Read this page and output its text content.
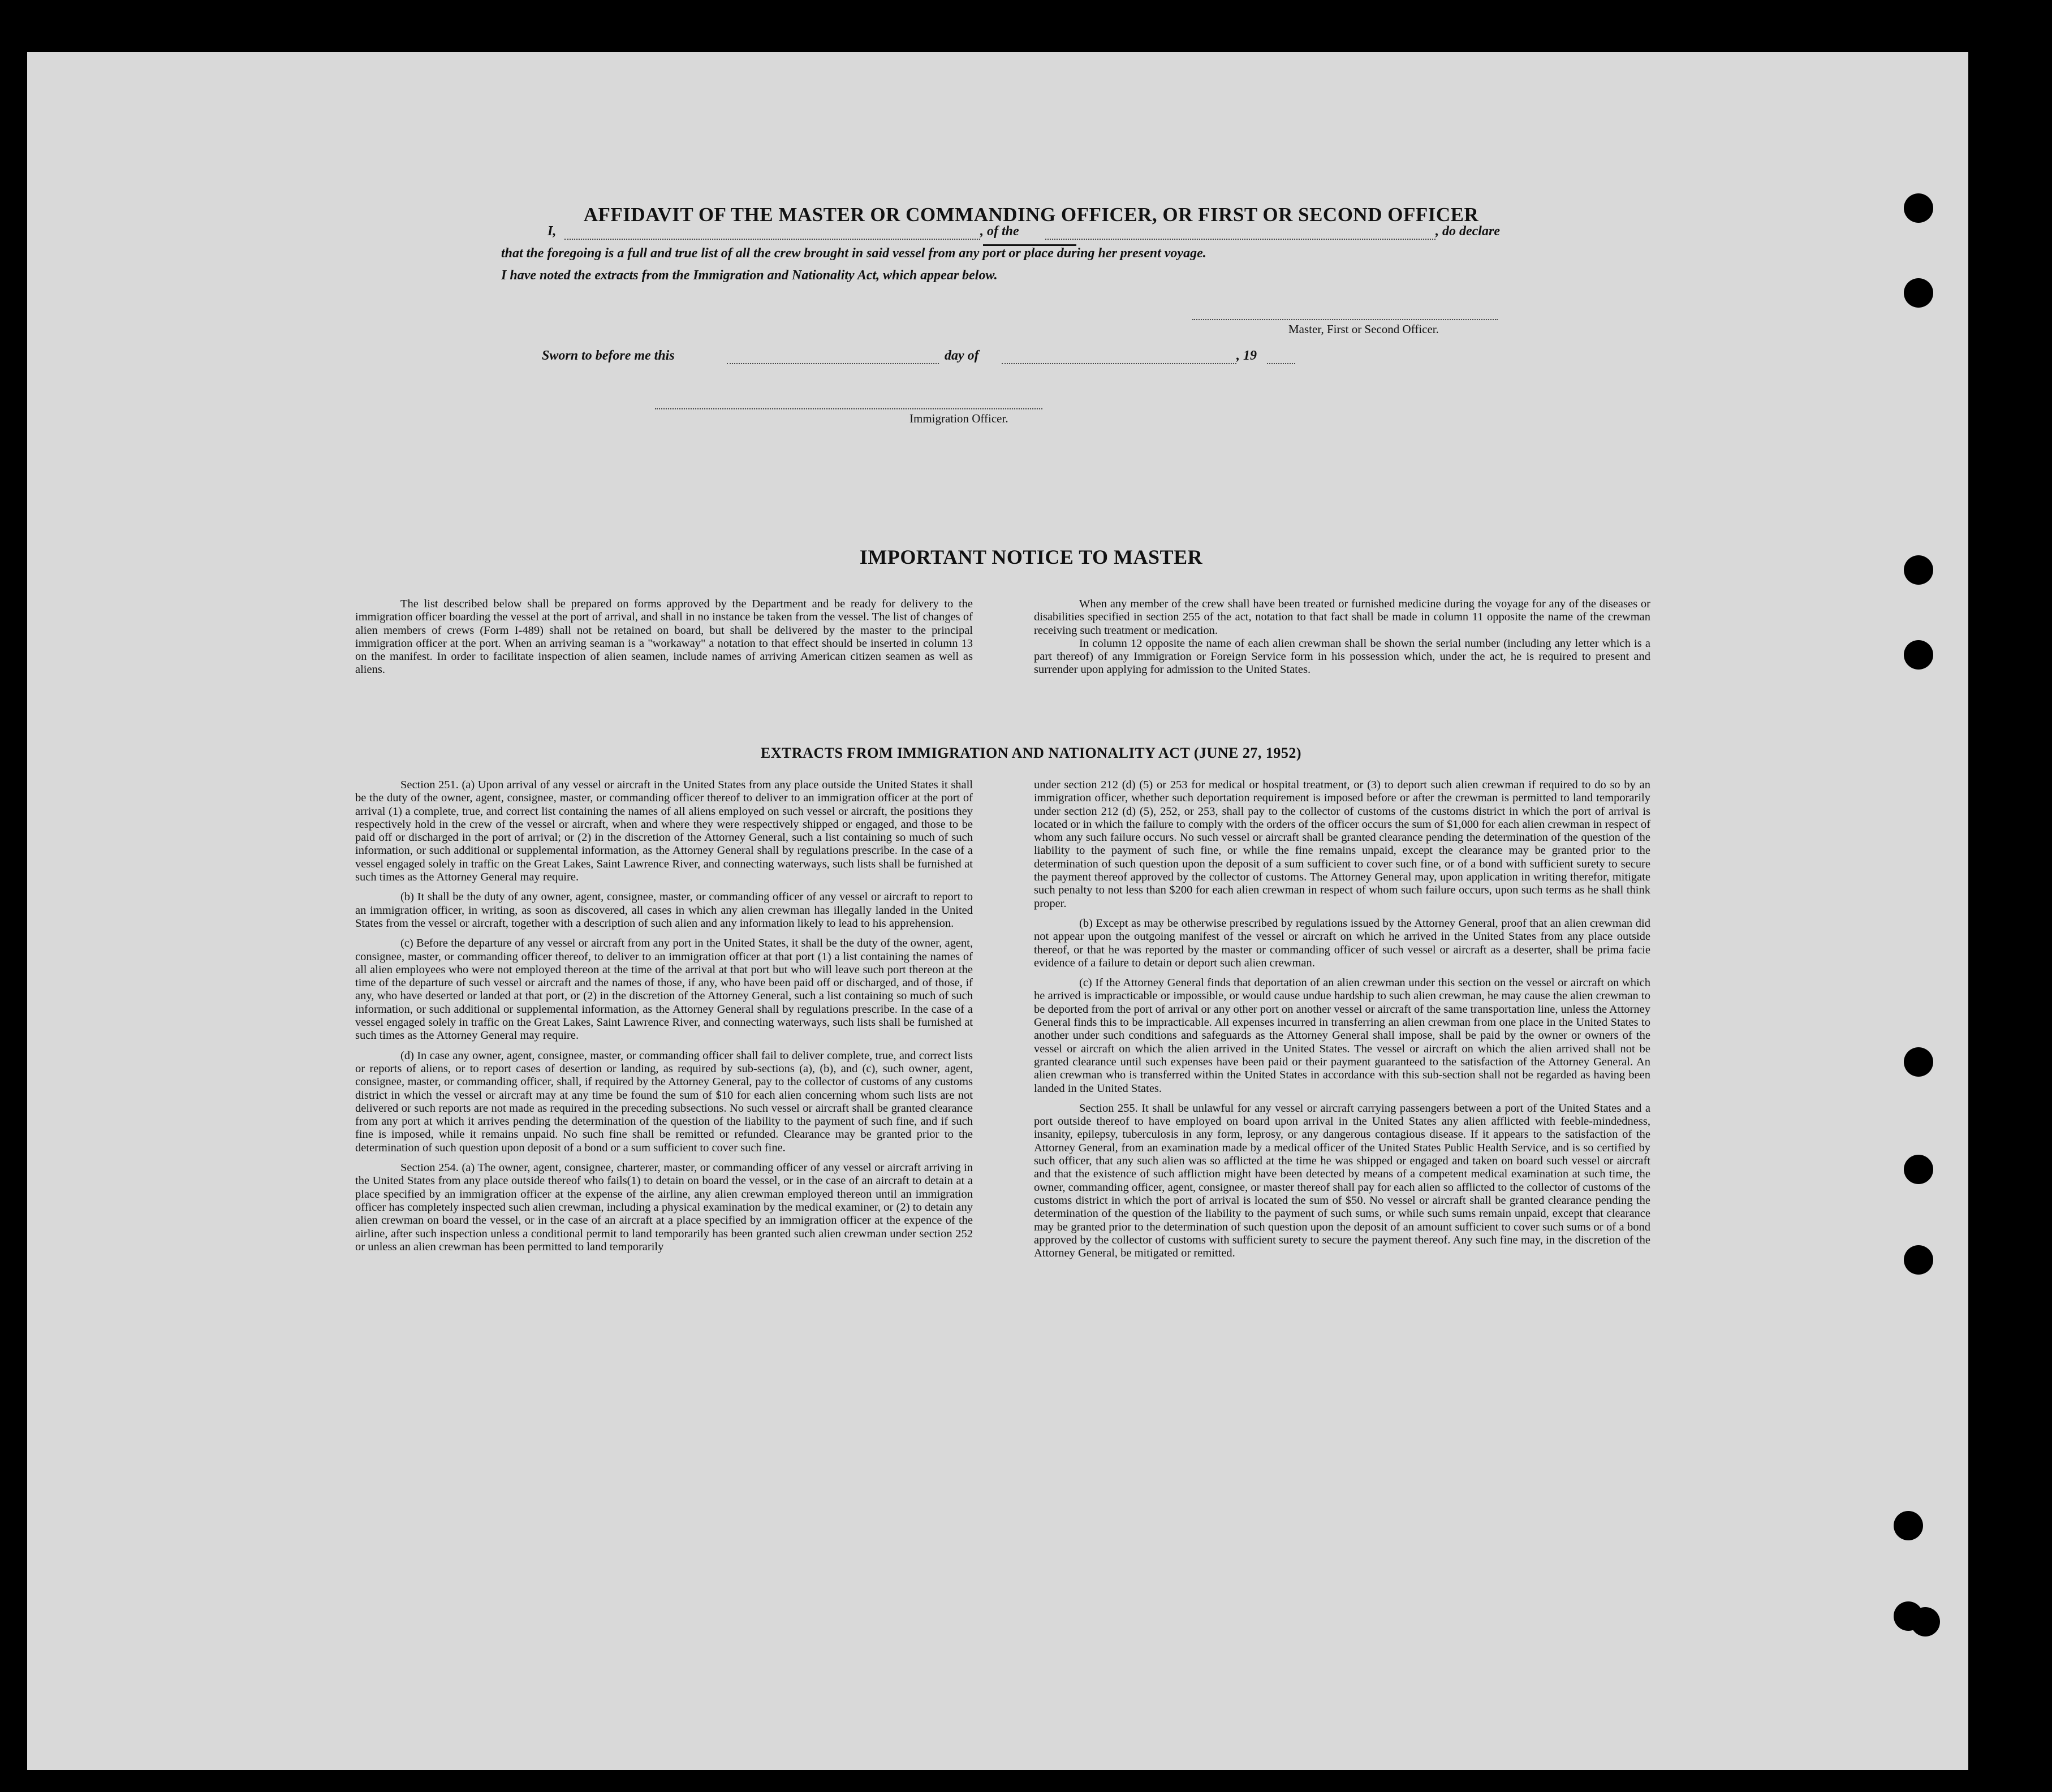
AFFIDAVIT OF THE MASTER OR COMMANDING OFFICER, OR FIRST OR SECOND OFFICER
I,	, of the	, do declare
that the foregoing is a full and true list of all the crew brought in said vessel from any port or place during her present voyage.
I have noted the extracts from the Immigration and Nationality Act, which appear below.
Master, First or Second Officer.
Sworn to before me this	day of	, 19
Immigration Officer.
IMPORTANT NOTICE TO MASTER

The list described below shall be prepared on forms approved by the Department and be ready for delivery to the immigration officer boarding the vessel at the port of arrival, and shall in no instance be taken from the vessel. The list of changes of alien members of crews (Form I-489) shall not be retained on board, but shall be delivered by the master to the principal immigration officer at the port. When an arriving seaman is a "workaway" a notation to that effect should be inserted in column 13 on the manifest. In order to facilitate inspection of alien seamen, include names of arriving American citizen seamen as well as aliens.

When any member of the crew shall have been treated or furnished medicine during the voyage for any of the diseases or disabilities specified in section 255 of the act, notation to that fact shall be made in column 11 opposite the name of the crewman receiving such treatment or medication.

In column 12 opposite the name of each alien crewman shall be shown the serial number (including any letter which is a part thereof) of any Immigration or Foreign Service form in his possession which, under the act, he is required to present and surrender upon applying for admission to the United States.

EXTRACTS FROM IMMIGRATION AND NATIONALITY ACT (JUNE 27, 1952)

Section 251. (a) Upon arrival of any vessel or aircraft in the United States from any place outside the United States it shall be the duty of the owner, agent, consignee, master, or commanding officer thereof to deliver to an immigration officer at the port of arrival (1) a complete, true, and correct list containing the names of all aliens employed on such vessel or aircraft, the positions they respectively hold in the crew of the vessel or aircraft, when and where they were respectively shipped or engaged, and those to be paid off or discharged in the port of arrival; or (2) in the discretion of the Attorney General, such a list containing so much of such information, or such additional or supplemental information, as the Attorney General shall by regulations prescribe. In the case of a vessel engaged solely in traffic on the Great Lakes, Saint Lawrence River, and connecting waterways, such lists shall be furnished at such times as the Attorney General may require.

(b) It shall be the duty of any owner, agent, consignee, master, or commanding officer of any vessel or aircraft to report to an immigration officer, in writing, as soon as discovered, all cases in which any alien crewman has illegally landed in the United States from the vessel or aircraft, together with a description of such alien and any information likely to lead to his apprehension.

(c) Before the departure of any vessel or aircraft from any port in the United States, it shall be the duty of the owner, agent, consignee, master, or commanding officer thereof, to deliver to an immigration officer at that port (1) a list containing the names of all alien employees who were not employed thereon at the time of the arrival at that port but who will leave such port thereon at the time of the departure of such vessel or aircraft and the names of those, if any, who have been paid off or discharged, and of those, if any, who have deserted or landed at that port, or (2) in the discretion of the Attorney General, such a list containing so much of such information, or such additional or supplemental information, as the Attorney General shall by regulations prescribe. In the case of a vessel engaged solely in traffic on the Great Lakes, Saint Lawrence River, and connecting waterways, such lists shall be furnished at such times as the Attorney General may require.

(d) In case any owner, agent, consignee, master, or commanding officer shall fail to deliver complete, true, and correct lists or reports of aliens, or to report cases of desertion or landing, as required by sub-sections (a), (b), and (c), such owner, agent, consignee, master, or commanding officer, shall, if required by the Attorney General, pay to the collector of customs of any customs district in which the vessel or aircraft may at any time be found the sum of $10 for each alien concerning whom such lists are not delivered or such reports are not made as required in the preceding subsections. No such vessel or aircraft shall be granted clearance from any port at which it arrives pending the determination of the question of the liability to the payment of such fine, and if such fine is imposed, while it remains unpaid. No such fine shall be remitted or refunded. Clearance may be granted prior to the determination of such question upon deposit of a bond or a sum sufficient to cover such fine.

Section 254. (a) The owner, agent, consignee, charterer, master, or commanding officer of any vessel or aircraft arriving in the United States from any place outside thereof who fails(1) to detain on board the vessel, or in the case of an aircraft to detain at a place specified by an immigration officer at the expense of the airline, any alien crewman employed thereon until an immigration officer has completely inspected such alien crewman, including a physical examination by the medical examiner, or (2) to detain any alien crewman on board the vessel, or in the case of an aircraft at a place specified by an immigration officer at the expence of the airline, after such inspection unless a conditional permit to land temporarily has been granted such alien crewman under section 252 or unless an alien crewman has been permitted to land temporarily

under section 212 (d) (5) or 253 for medical or hospital treatment, or (3) to deport such alien crewman if required to do so by an immigration officer, whether such deportation requirement is imposed before or after the crewman is permitted to land temporarily under section 212 (d) (5), 252, or 253, shall pay to the collector of customs of the customs district in which the port of arrival is located or in which the failure to comply with the orders of the officer occurs the sum of $1,000 for each alien crewman in respect of whom any such failure occurs. No such vessel or aircraft shall be granted clearance pending the determination of the question of the liability to the payment of such fine, or while the fine remains unpaid, except the clearance may be granted prior to the determination of such question upon the deposit of a sum sufficient to cover such fine, or of a bond with sufficient surety to secure the payment thereof approved by the collector of customs. The Attorney General may, upon application in writing therefor, mitigate such penalty to not less than $200 for each alien crewman in respect of whom such failure occurs, upon such terms as he shall think proper.

(b) Except as may be otherwise prescribed by regulations issued by the Attorney General, proof that an alien crewman did not appear upon the outgoing manifest of the vessel or aircraft on which he arrived in the United States from any place outside thereof, or that he was reported by the master or commanding officer of such vessel or aircraft as a deserter, shall be prima facie evidence of a failure to detain or deport such alien crewman.

(c) If the Attorney General finds that deportation of an alien crewman under this section on the vessel or aircraft on which he arrived is impracticable or impossible, or would cause undue hardship to such alien crewman, he may cause the alien crewman to be deported from the port of arrival or any other port on another vessel or aircraft of the same transportation line, unless the Attorney General finds this to be impracticable. All expenses incurred in transferring an alien crewman from one place in the United States to another under such conditions and safeguards as the Attorney General shall impose, shall be paid by the owner or owners of the vessel or aircraft on which the alien arrived in the United States. The vessel or aircraft on which the alien arrived shall not be granted clearance until such expenses have been paid or their payment guaranteed to the satisfaction of the Attorney General. An alien crewman who is transferred within the United States in accordance with this sub-section shall not be regarded as having been landed in the United States.

Section 255. It shall be unlawful for any vessel or aircraft carrying passengers between a port of the United States and a port outside thereof to have employed on board upon arrival in the United States any alien afflicted with feeble-mindedness, insanity, epilepsy, tuberculosis in any form, leprosy, or any dangerous contagious disease. If it appears to the satisfaction of the Attorney General, from an examination made by a medical officer of the United States Public Health Service, and is so certified by such officer, that any such alien was so afflicted at the time he was shipped or engaged and taken on board such vessel or aircraft and that the existence of such affliction might have been detected by means of a competent medical examination at such time, the owner, commanding officer, agent, consignee, or master thereof shall pay for each alien so afflicted to the collector of customs of the customs district in which the port of arrival is located the sum of $50. No vessel or aircraft shall be granted clearance pending the determination of the question of the liability to the payment of such sums, or while such sums remain unpaid, except that clearance may be granted prior to the determination of such question upon the deposit of an amount sufficient to cover such sums or of a bond approved by the collector of customs with sufficient surety to secure the payment thereof. Any such fine may, in the discretion of the Attorney General, be mitigated or remitted.
